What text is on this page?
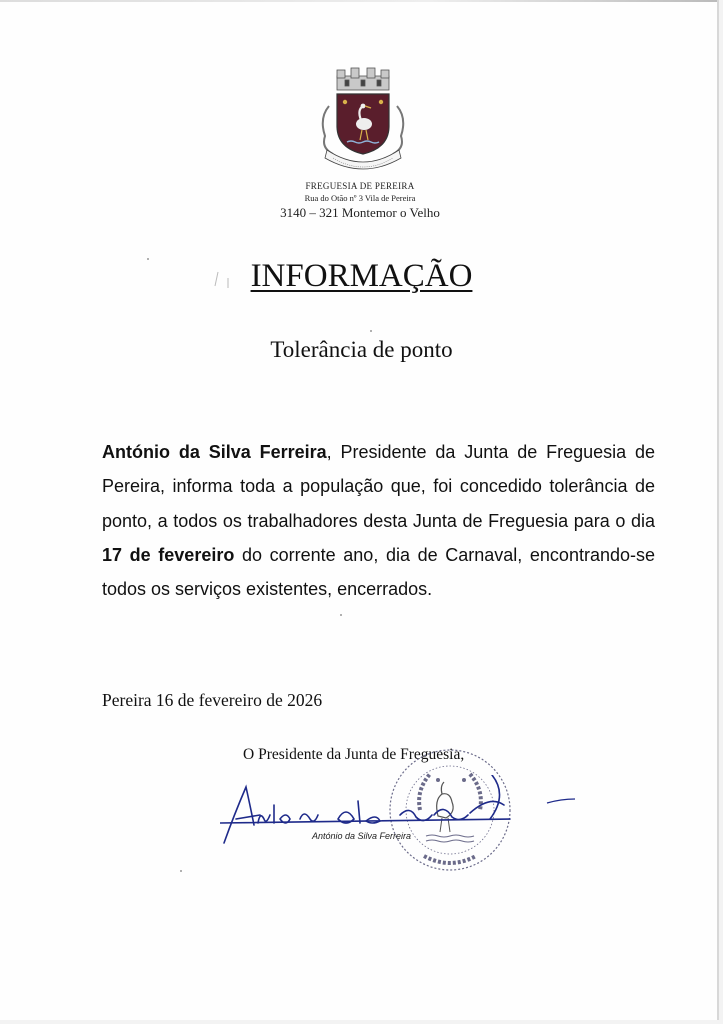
FREGUESIA DE PEREIRA
Rua do Otão nº 3 Vila de Pereira
3140 – 321 Montemor o Velho
INFORMAÇÃO
Tolerância de ponto
António da Silva Ferreira, Presidente da Junta de Freguesia de Pereira, informa toda a população que, foi concedido tolerância de ponto, a todos os trabalhadores desta Junta de Freguesia para o dia 17 de fevereiro do corrente ano, dia de Carnaval, encontrando-se todos os serviços existentes, encerrados.
Pereira 16 de fevereiro de 2026
O Presidente da Junta de Freguesia,
António da Silva Ferreira
